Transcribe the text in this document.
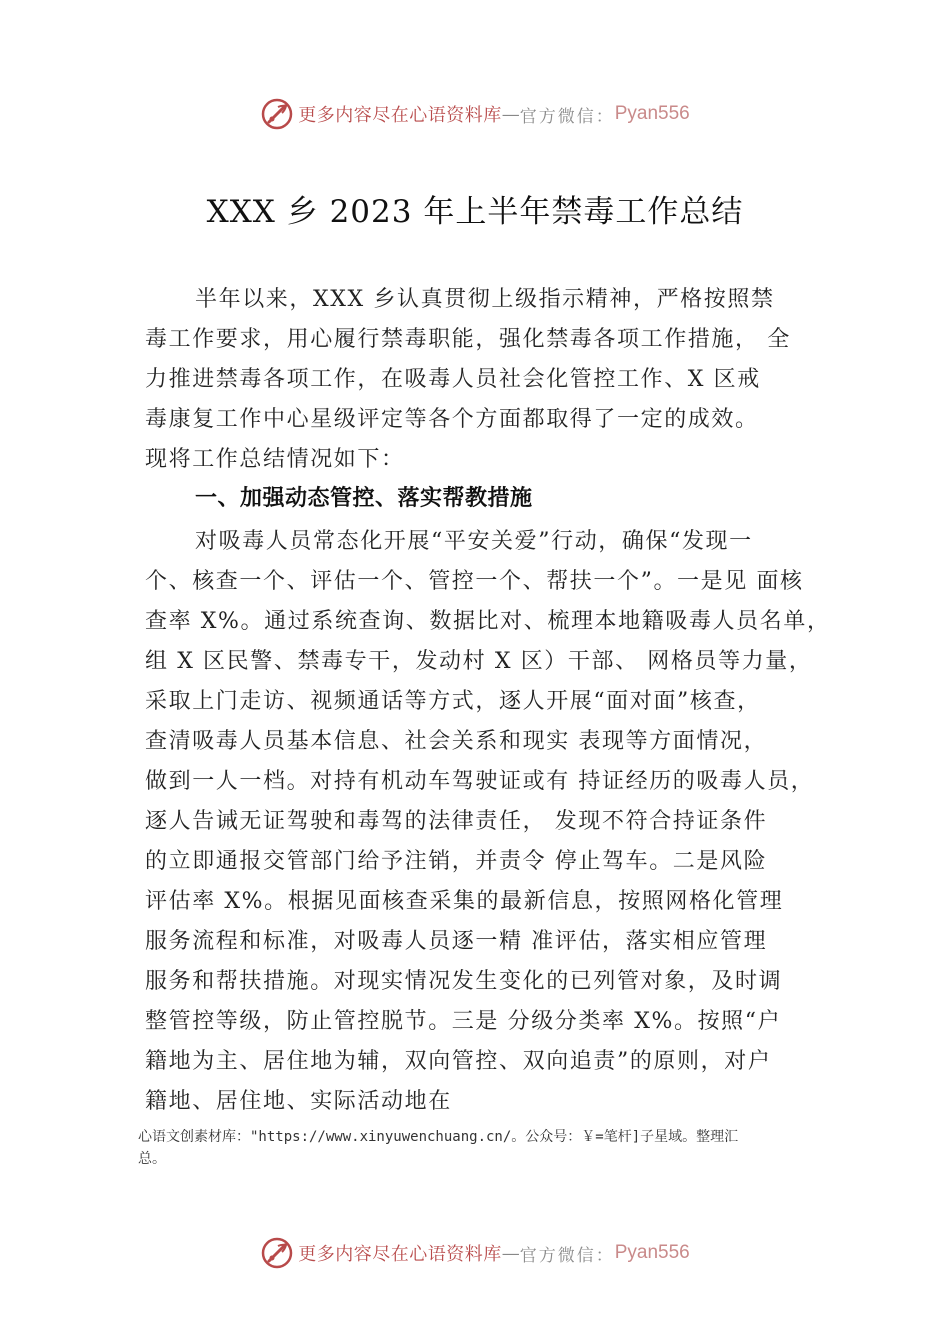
更多内容尽在心语资料库 — 官方微信： Pyan556
XXX 乡 2023 年上半年禁毒工作总结
半年以来，XXX 乡认真贯彻上级指示精神，严格按照禁
毒工作要求，用心履行禁毒职能，强化禁毒各项工作措施， 全
力推进禁毒各项工作，在吸毒人员社会化管控工作、X 区戒
毒康复工作中心星级评定等各个方面都取得了一定的成效。
现将工作总结情况如下：
一、加强动态管控、落实帮教措施
对吸毒人员常态化开展“平安关爱”行动，确保“发现一
个、核查一个、评估一个、管控一个、帮扶一个”。一是见 面核
查率 X%。通过系统查询、数据比对、梳理本地籍吸毒人员名单，
组 X 区民警、禁毒专干，发动村 X 区）干部、 网格员等力量，
采取上门走访、视频通话等方式，逐人开展“面对面”核查，
查清吸毒人员基本信息、社会关系和现实 表现等方面情况，
做到一人一档。对持有机动车驾驶证或有 持证经历的吸毒人员，
逐人告诫无证驾驶和毒驾的法律责任， 发现不符合持证条件
的立即通报交管部门给予注销，并责令 停止驾车。二是风险
评估率 X%。根据见面核查采集的最新信息，按照网格化管理
服务流程和标准，对吸毒人员逐一精 准评估，落实相应管理
服务和帮扶措施。对现实情况发生变化的已列管对象，及时调
整管控等级，防止管控脱节。三是 分级分类率 X%。按照“户
籍地为主、居住地为辅，双向管控、双向追责”的原则，对户
籍地、居住地、实际活动地在
心语文创素材库："https://www.xinyuwenchuang.cn/。公众号：￥=笔杆]子星域。整理汇
总。
更多内容尽在心语资料库 — 官方微信： Pyan556
